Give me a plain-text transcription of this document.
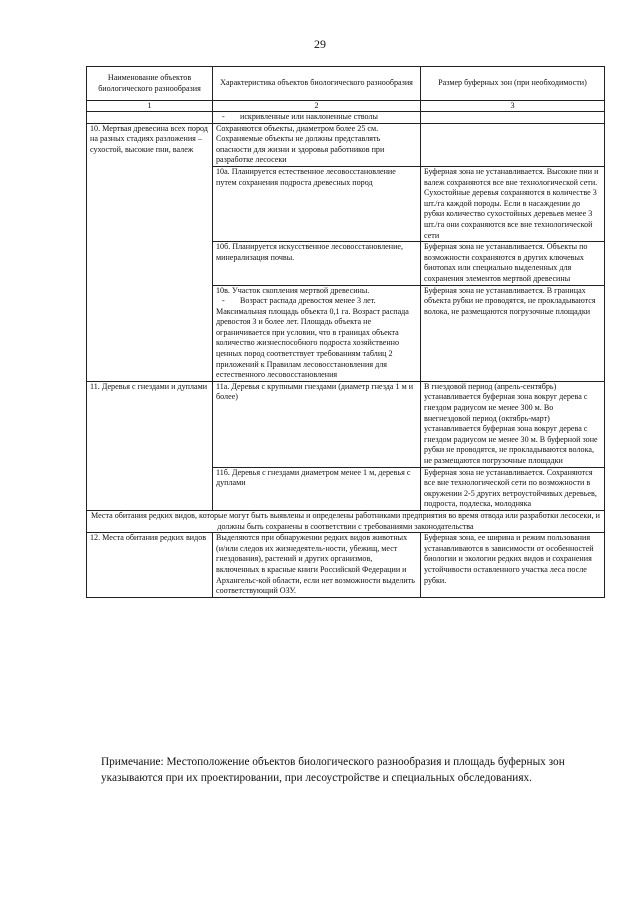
29
Наименование объектов биологического разнообразия	Характеристика объектов биологического разнообразия	Размер буферных зон (при необходимости)
1	2	3

	- искривленные или наклоненные стволы	

10. Мертвая древесина всех пород на разных стадиях разложения – сухостой, высокие пни, валеж	Сохраняются объекты, диаметром более 25 см. Сохраняемые объекты не должны представлять опасности для жизни и здоровья работников при разработке лесосеки	
	10а. Планируется естественное лесовосстановление путем сохранения подроста древесных пород	Буферная зона не устанавливается. Высокие пни и валеж сохраняются все вне технологической сети. Сухостойные деревья сохраняются в количестве 3 шт./га каждой породы. Если в насаждении до рубки количество сухостойных деревьев менее 3 шт./га они сохраняются все вне технологической сети
	10б. Планируется искусственное лесовосстановление, минерализация почвы.	Буферная зона не устанавливается. Объекты по возможности сохраняются в других ключевых биотопах или специально выделенных для сохранения элементов мертвой древесины

	10в. Участок скопления мертвой древесины.
- Возраст распада древостоя менее 3 лет.
Максимальная площадь объекта 0,1 га. Возраст распада древостоя 3 и более лет. Площадь объекта не ограничивается при условии, что в границах объекта количество жизнеспособного подроста хозяйственно ценных пород соответствует требованиям таблиц 2 приложений к Правилам лесовосстановления для естественного лесовосстановления	Буферная зона не устанавливается. В границах объекта рубки не проводятся, не прокладываются волока, не размещаются погрузочные площадки
11. Деревья с гнездами и дуплами	11а. Деревья с крупными гнездами (диаметр гнезда 1 м и более)	В гнездовой период (апрель-сентябрь) устанавливается буферная зона вокруг дерева с гнездом радиусом не менее 300 м. Во внегнездовой период (октябрь-март) устанавливается буферная зона вокруг дерева с гнездом радиусом не менее 30 м. В буферной зоне рубки не проводятся, не прокладываются волока, не размещаются погрузочные площадки
	11б. Деревья с гнездами диаметром менее 1 м, деревья с дуплами	Буферная зона не устанавливается. Сохраняются все вне технологической сети по возможности в окружении 2-5 других ветроустойчивых деревьев, подроста, подлеска, молодняка
Места обитания редких видов, которые могут быть выявлены и определены работниками предприятия во время отвода или разработки лесосеки, и должны быть сохранены в соответствии с требованиями законодательства		
12. Места обитания редких видов	Выделяются при обнаружении редких видов животных (и/или следов их жизнедеятель-ности, убежищ, мест гнездования), растений и других организмов, включенных в красные книги Российской Федерации и Архангельс-кой области, если нет возможности выделить соответствующий ОЗУ.	Буферная зона, ее ширина и режим пользования устанавливаются в зависимости от особенностей биологии и экологии редких видов и сохранения устойчивости оставленного участка леса после рубки.
Примечание: Местоположение объектов биологического разнообразия и площадь буферных зон
указываются при их проектировании, при лесоустройстве и специальных обследованиях.
